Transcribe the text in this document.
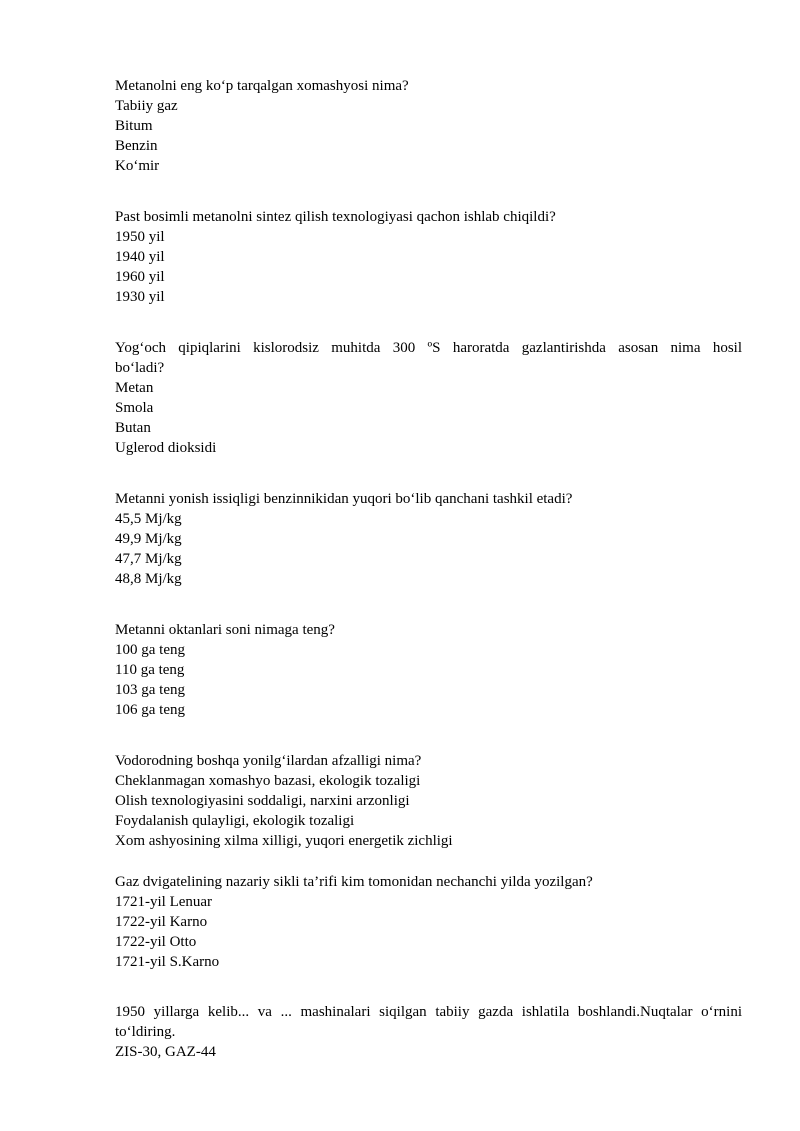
Metanolni eng ko‘p tarqalgan xomashyosi nima?
Tabiiy gaz
Bitum
Benzin
Ko‘mir
Past bosimli metanolni sintez qilish texnologiyasi qachon ishlab chiqildi?
1950 yil
1940 yil
1960 yil
1930 yil
Yog‘och qipiqlarini kislorodsiz muhitda 300 ºS haroratda gazlantirishda asosan nima hosil
bo‘ladi?
Metan
Smola
Butan
Uglerod dioksidi
Metanni yonish issiqligi benzinnikidan yuqori bo‘lib qanchani tashkil etadi?
45,5 Mj/kg
49,9 Mj/kg
47,7 Mj/kg
48,8 Mj/kg
Metanni oktanlari soni nimaga teng?
100 ga teng
110 ga teng
103 ga teng
106 ga teng
Vodorodning boshqa yonilg‘ilardan afzalligi nima?
Cheklanmagan xomashyo bazasi, ekologik tozaligi
Olish texnologiyasini soddaligi, narxini arzonligi
Foydalanish qulayligi, ekologik tozaligi
Xom ashyosining xilma xilligi, yuqori energetik zichligi
Gaz dvigatelining nazariy sikli ta’rifi kim tomonidan nechanchi yilda yozilgan?
1721-yil Lenuar
1722-yil Karno
1722-yil Otto
1721-yil S.Karno
1950 yillarga kelib... va ... mashinalari siqilgan tabiiy gazda ishlatila boshlandi.Nuqtalar o‘rnini
to‘ldiring.
ZIS-30, GAZ-44
